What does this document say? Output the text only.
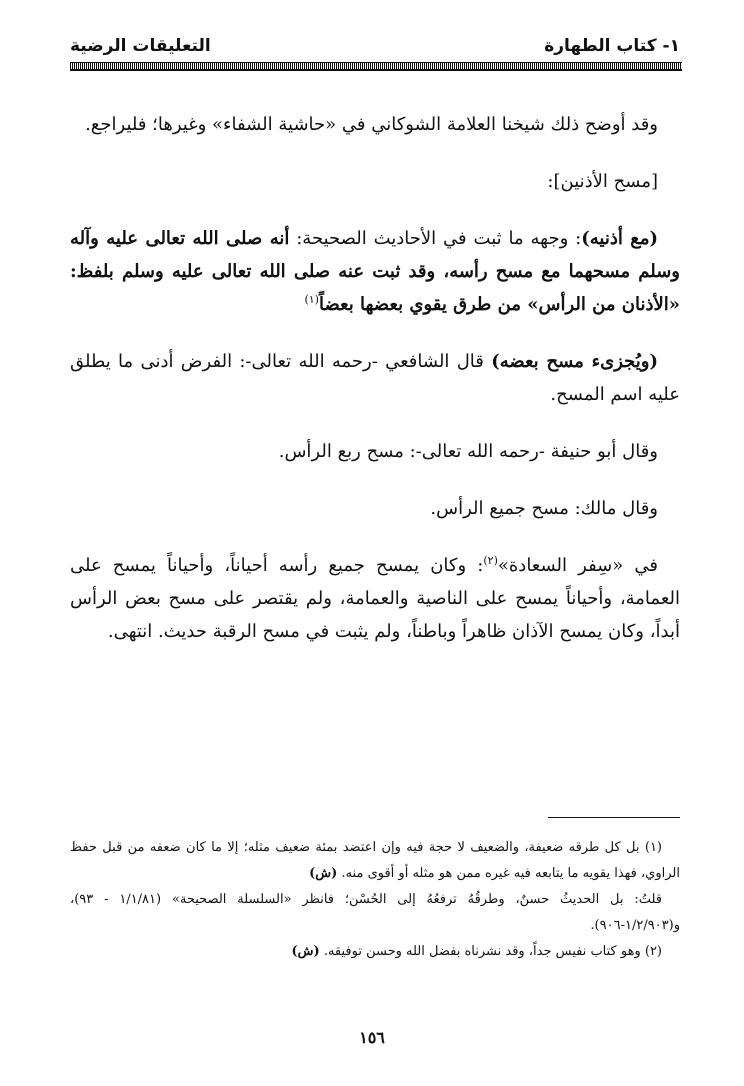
١- كتاب الطهارة
التعليقات الرضية

وقد أوضح ذلك شيخنا العلامة الشوكاني في «حاشية الشفاء» وغيرها؛ فليراجع.

[مسح الأذنين]:

(مع أذنيه): وجهه ما ثبت في الأحاديث الصحيحة: أنه صلى الله تعالى عليه وآله وسلم مسحهما مع مسح رأسه، وقد ثبت عنه صلى الله تعالى عليه وسلم بلفظ: «الأذنان من الرأس» من طرق يقوي بعضها بعضاً$^{(١)}$

(ويُجزىء مسح بعضه) قال الشافعي -رحمه الله تعالى-: الفرض أدنى ما يطلق عليه اسم المسح.

وقال أبو حنيفة -رحمه الله تعالى-: مسح ربع الرأس.

وقال مالك: مسح جميع الرأس.

في «سِفر السعادة»$^{(٢)}$: وكان يمسح جميع رأسه أحياناً، وأحياناً يمسح على العمامة، وأحياناً يمسح على الناصية والعمامة، ولم يقتصر على مسح بعض الرأس أبداً، وكان يمسح الآذان ظاهراً وباطناً، ولم يثبت في مسح الرقبة حديث. انتهى.

(١) بل كل طرقه ضعيفة، والضعيف لا حجة فيه وإن اعتضد بمئة ضعيف مثله؛ إلا ما كان ضعفه من قبل حفظ الراوي، فهذا يقويه ما يتابعه فيه غيره ممن هو مثله أو أقوى منه. (ش)

قلتُ: بل الحديثُ حسنٌ، وطرقُهُ ترفعُهُ إلى الحُسْن؛ فانظر «السلسلة الصحيحة» (١/١/٨١ - ٩٣)، و(١/٢/٩٠٣-٩٠٦).

(٢) وهو كتاب نفيس جداً، وقد نشرناه بفضل الله وحسن توفيقه. (ش)

١٥٦
